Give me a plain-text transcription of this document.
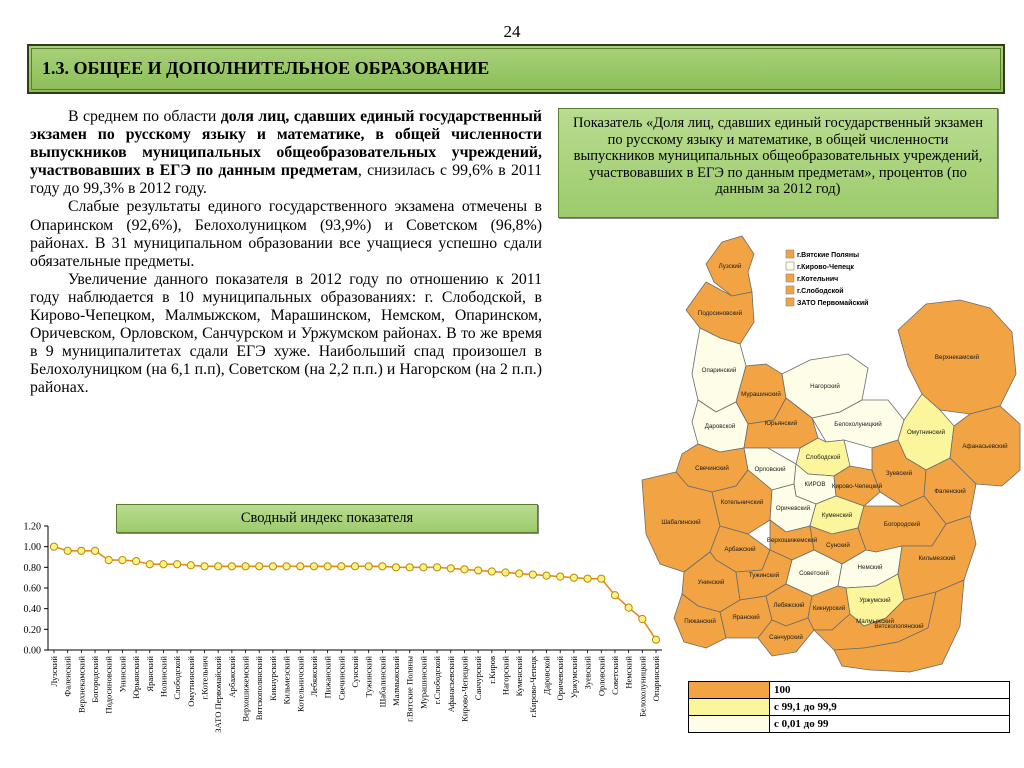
24
1.3. ОБЩЕЕ И ДОПОЛНИТЕЛЬНОЕ ОБРАЗОВАНИЕ

В среднем по области доля лиц, сдавших единый государственный экзамен по русскому языку и математике, в общей численности выпускников муниципальных общеобразовательных учреждений, участвовавших в ЕГЭ по данным предметам, снизилась с 99,6% в 2011 году до 99,3% в 2012 году.

Слабые результаты единого государственного экзамена отмечены в Опаринском (92,6%), Белохолуницком (93,9%) и Советском (96,8%) районах. В 31 муниципальном образовании все учащиеся успешно сдали обязательные предметы.

Увеличение данного показателя в 2012 году по отношению к 2011 году наблюдается в 10 муниципальных образованиях: г. Слободской, в Кирово-Чепецком, Малмыжском, Марашинском, Немском, Опаринском, Оричевском, Орловском, Санчурском и Уржумском районах. В то же время в 9 муниципалитетах сдали ЕГЭ хуже. Наибольший спад произошел в Белохолуницком (на 6,1 п.п), Советском (на 2,2 п.п.) и Нагорском (на 2 п.п.) районах.

Показатель «Доля лиц, сдавших единый государственный экзамен по русскому языку и математике, в общей численности выпускников муниципальных общеобразовательных учреждений, участвовавших в ЕГЭ по данным предметам», процентов (по данным за 2012 год)
Сводный индекс показателя
0.00
0.20
0.40
0.60
0.80
1.00
1.20
Лузский Фаленский Верхнекамский Богородский Подосиновский Унинский Юрьянский Яранский Нолинский Слободской Омутнинский г.Котельнич ЗАТО Первомайский Арбажский Верхошижемский Вятскополянский Кикнурский Кильмезский Котельничский Лебяжский Пижанский Свечинский Сунский Тужинский Шабалинский Малмыжский г.Вятские Поляны Мурашинский г.Слободской Афанасьевский Кирово-Чепецкий Санчурский г.Киров Нагорский Куменский г.Кирово-Чепецк Даровской Оричевский Уржумский Зуевский Орловский Советский Немский Белохолуницкий Опаринский
Лузский
Подосиновский
Опаринский
Мурашинский
Нагорский
Верхнекамский
Даровской	Юрьянский	Белохолуницкий
Слободской
Омутнинский
Афанасьевский
Свечинский	Орловский
КИРОВ Кирово-Чепецкий
Зуевский
Фаленский
Шабалинский
Котельничский
Оричевский
Куменский
Верхошижемский
Сунский
Богородский
Арбажский
Унинский
Тужинский	Советский
Немский
Пижанский
Яранский
Лебяжский Кикнурский
Уржумский
Кильмезский
Санчурский
Малмыжский
Вятскополянский
г.Вятские Поляны
г.Кирово-Чепецк
г.Котельнич
г.Слободской
ЗАТО Первомайский
	100
	с 99,1 до 99,9
	с 0,01 до 99
